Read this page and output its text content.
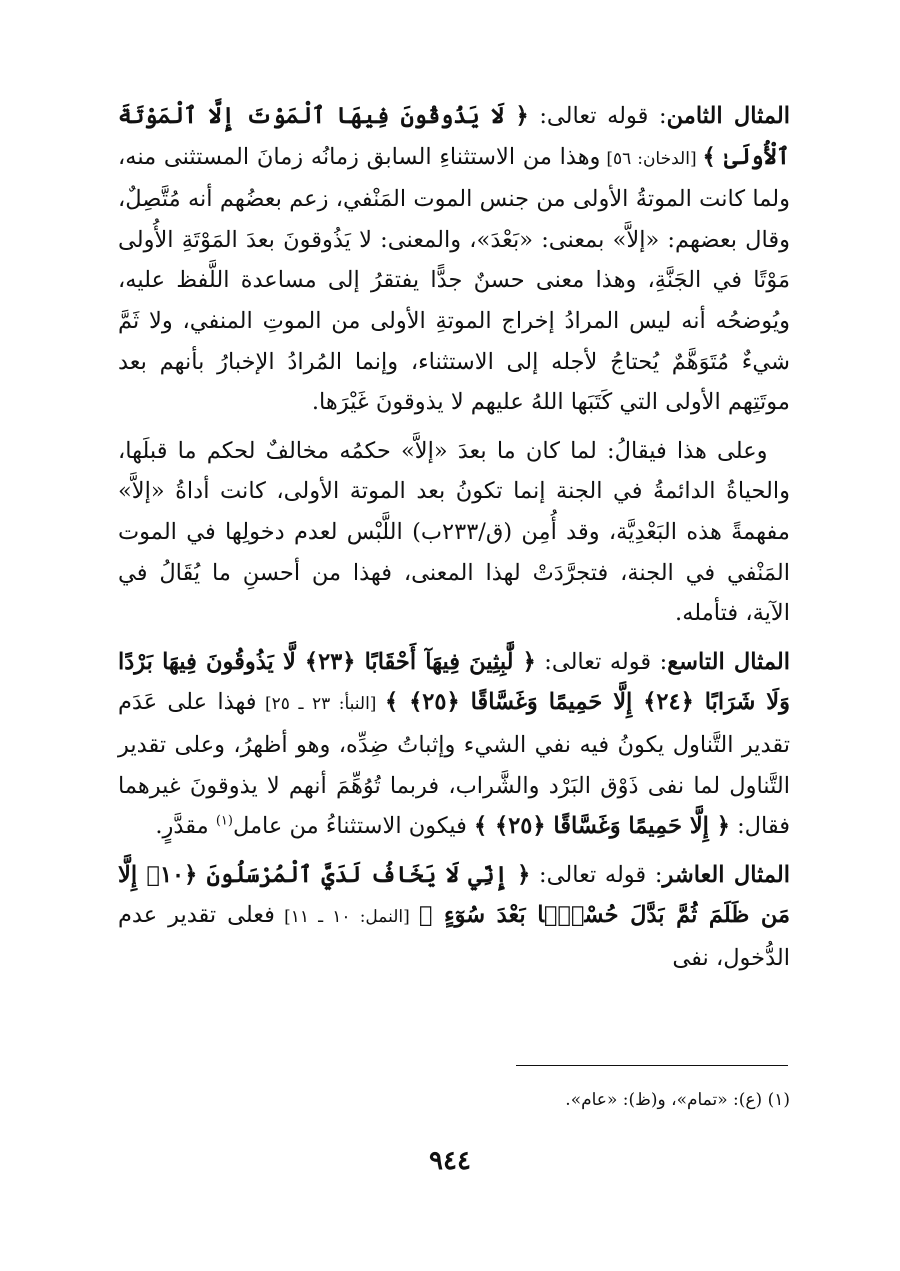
المثال الثامن: قوله تعالى: ﴿ لَا يَذُوقُونَ فِيهَا ٱلْمَوْتَ إِلَّا ٱلْمَوْتَةَ ٱلْأُولَىٰ ﴾ [الدخان: ٥٦] وهذا من الاستثناءِ السابق زمانُه زمانَ المستثنى منه، ولما كانت الموتةُ الأولى من جنس الموت المَنْفي، زعم بعضُهم أنه مُتَّصِلٌ، وقال بعضهم: «إلاَّ» بمعنى: «بَعْدَ»، والمعنى: لا يَذُوقونَ بعدَ المَوْتَةِ الأُولى مَوْتًا في الجَنَّةِ، وهذا معنى حسنٌ جدًّا يفتقرُ إلى مساعدة اللَّفظ عليه، ويُوضحُه أنه ليس المرادُ إخراج الموتةِ الأولى من الموتِ المنفي، ولا ثَمَّ شيءٌ مُتَوَهَّمٌ يُحتاجُ لأجله إلى الاستثناء، وإنما المُرادُ الإخبارُ بأنهم بعد موتَتِهم الأولى التي كَتَبَها اللهُ عليهم لا يذوقونَ غَيْرَها.

 وعلى هذا فيقالُ: لما كان ما بعدَ «إلاَّ» حكمُه مخالفٌ لحكم ما قبلَها، والحياةُ الدائمةُ في الجنة إنما تكونُ بعد الموتة الأولى، كانت أداةُ «إلاَّ» مفهمةً هذه البَعْدِيَّة، وقد أُمِن (ق/٢٣٣ب) اللَّبْس لعدم دخولِها في الموت المَنْفي في الجنة، فتجرَّدَتْ لهذا المعنى، فهذا من أحسنِ ما يُقَالُ في الآية، فتأمله.

المثال التاسع: قوله تعالى: ﴿ لَّٰبِثِينَ فِيهَآ أَحْقَابًا ﴿٢٣﴾ لَّا يَذُوقُونَ فِيهَا بَرْدًا وَلَا شَرَابًا ﴿٢٤﴾ إِلَّا حَمِيمًا وَغَسَّاقًا ﴿٢٥﴾ ﴾ [النبأ: ٢٣ ـ ٢٥] فهذا على عَدَم تقدير التَّناول يكونُ فيه نفي الشيء وإثباتُ ضِدِّه، وهو أظهرُ، وعلى تقدير التَّناول لما نفى ذَوْق البَرْد والشَّراب، فربما تُوُهِّمَ أنهم لا يذوقونَ غيرهما فقال: ﴿ إِلَّا حَمِيمًا وَغَسَّاقًا ﴿٢٥﴾ ﴾ فيكون الاستثناءُ من عامل$^{(١)}$ مقدَّرٍ.

المثال العاشر: قوله تعالى: ﴿ إِنِّي لَا يَخَافُ لَدَيَّ ٱلْمُرْسَلُونَ ﴿١٠﴾ إِلَّا مَن ظَلَمَ ثُمَّ بَدَّلَ حُسْنًۢا بَعْدَ سُوٓءٍ ﴾ [النمل: ١٠ ـ ١١] فعلى تقدير عدم الدُّخول، نفى

(١) (ع): «تمام»، و(ظ): «عام».
٩٤٤
